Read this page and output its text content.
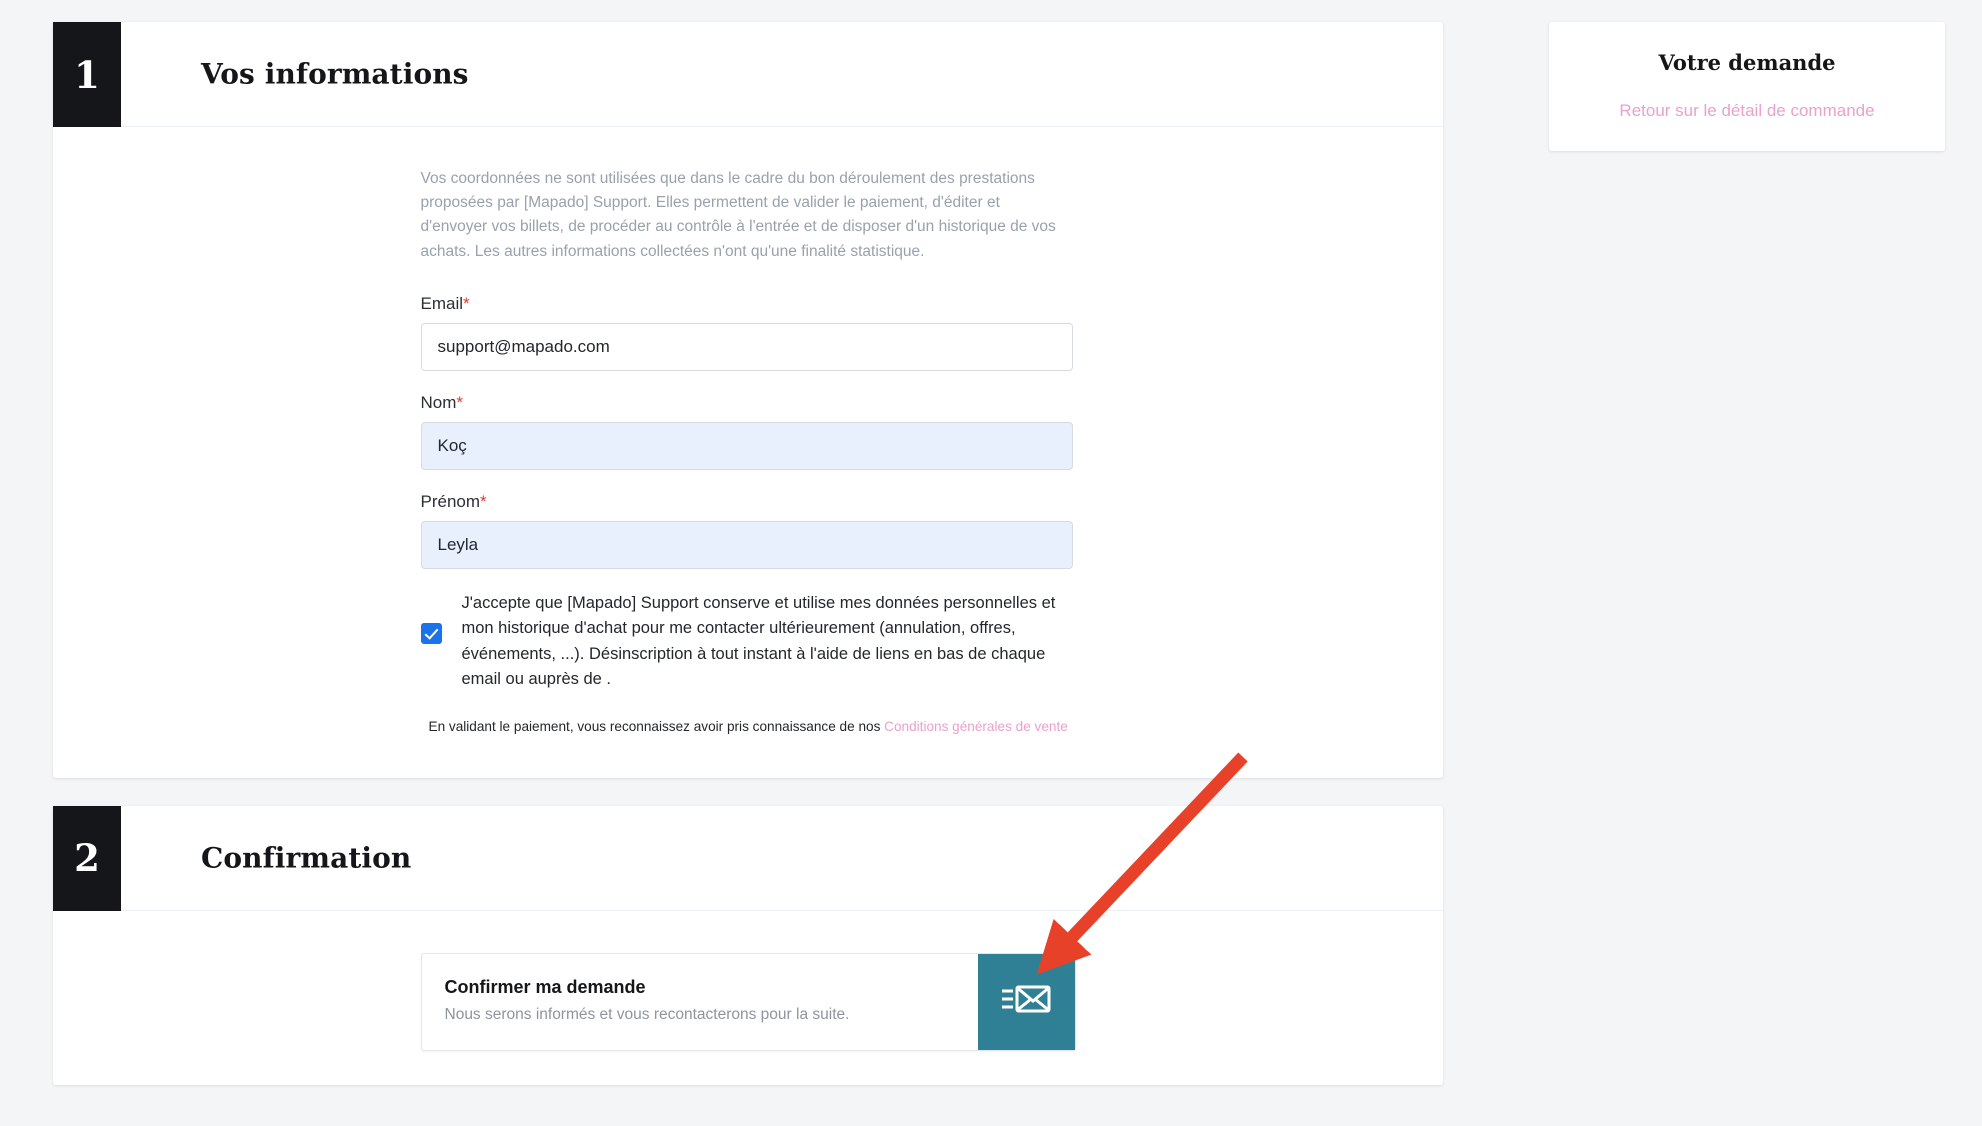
1	Vos informations

Vos coordonnées ne sont utilisées que dans le cadre du bon déroulement des prestations proposées par [Mapado] Support. Elles permettent de valider le paiement, d'éditer et d'envoyer vos billets, de procéder au contrôle à l'entrée et de disposer d'un historique de vos achats. Les autres informations collectées n'ont qu'une finalité statistique.

Email*
support@mapado.com
Nom*
Koç
Prénom*
Leyla
J'accepte que [Mapado] Support conserve et utilise mes données personnelles et mon historique d'achat pour me contacter ultérieurement (annulation, offres, événements, ...). Désinscription à tout instant à l'aide de liens en bas de chaque email ou auprès de .
En validant le paiement, vous reconnaissez avoir pris connaissance de nos Conditions générales de vente
2	Confirmation
Confirmer ma demande
Nous serons informés et vous recontacterons pour la suite.
Votre demande
Retour sur le détail de commande
